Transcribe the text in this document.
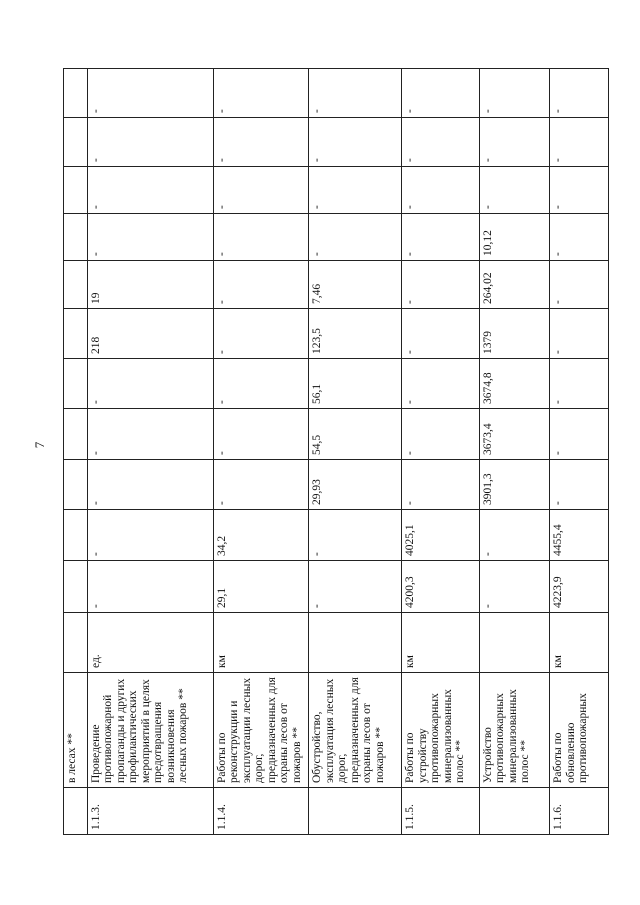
7
	в лесах **												
1.1.3.	Проведение противопожарной пропаганды и других профилактических мероприятий в целях предотвращения возникновения лесных пожаров **	ед.	-	-	-	-	-	218	19	-	-	-	-
1.1.4.	Работы по реконструкции и эксплуатации лесных дорог, предназначенных для охраны лесов от пожаров **	км	29,1	34,2	-	-	-	-	-	-	-	-	-
	Обустройство, эксплуатация лесных дорог, предназначенных для охраны лесов от пожаров **		-	-	29,93	54,5	56,1	123,5	7,46	-	-	-	-
1.1.5.	Работы по устройству противопожарных минерализованных полос **	км	4200,3	4025,1	-	-	-	-	-	-	-	-	-
	Устройство противопожарных минерализованных полос **		-	-	3901,3	3673,4	3674,8	1379	264,02	10,12	-	-	-
1.1.6.	Работы по обновлению противопожарных	км	4223,9	4455,4	-	-	-	-	-	-	-	-	-
